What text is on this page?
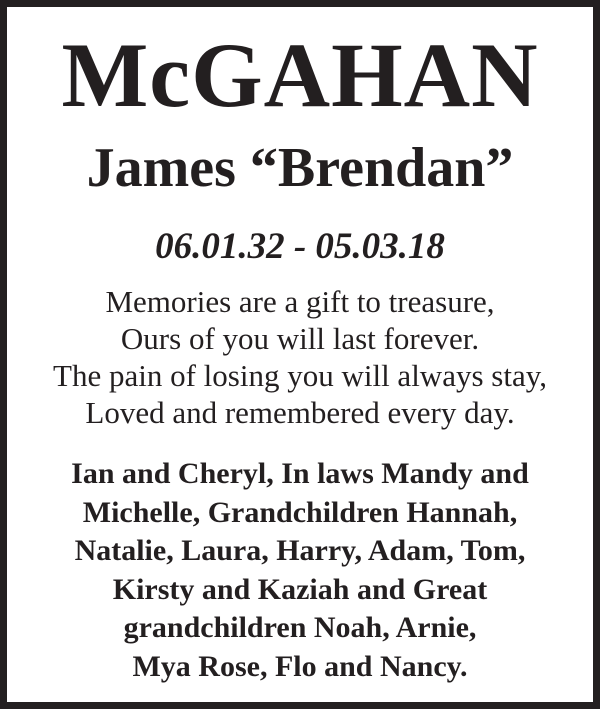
McGAHAN
James “Brendan”

06.01.32 - 05.03.18

Memories are a gift to treasure,
Ours of you will last forever.
The pain of losing you will always stay,
Loved and remembered every day.

Ian and Cheryl, In laws Mandy and
Michelle, Grandchildren Hannah,
Natalie, Laura, Harry, Adam, Tom,
Kirsty and Kaziah and Great
grandchildren Noah, Arnie,
Mya Rose, Flo and Nancy.
